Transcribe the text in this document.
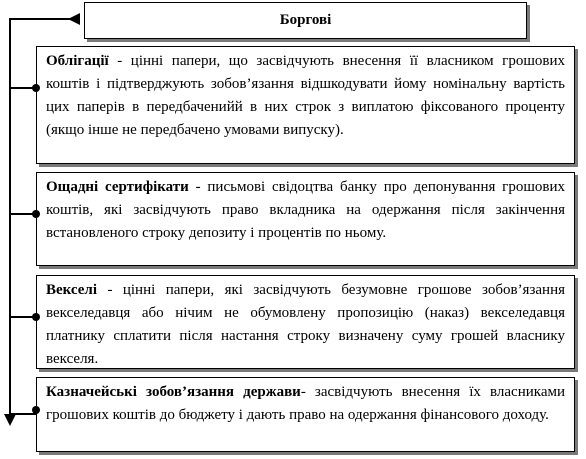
Боргові
Облігації - цінні папери, що засвідчують внесення її власником грошових коштів і підтверджують зобов’язання відшкодувати йому номінальну вартість цих паперів в передбаченийй в них строк з виплатою фіксованого проценту (якщо інше не передбачено умовами випуску).
Ощадні сертифікати - письмові свідоцтва банку про депонування грошових коштів, які засвідчують право вкладника на одержання після закінчення встановленого строку депозиту і процентів по ньому.
Векселі - цінні папери, які засвідчують безумовне грошове зобов’язання векселедавця або нічим не обумовлену пропозицію (наказ) векселедавця платнику сплатити після настання строку визначену суму грошей власнику векселя.
Казначейські зобов’язання держави- засвідчують внесення їх власниками грошових коштів до бюджету і дають право на одержання фінансового доходу.
